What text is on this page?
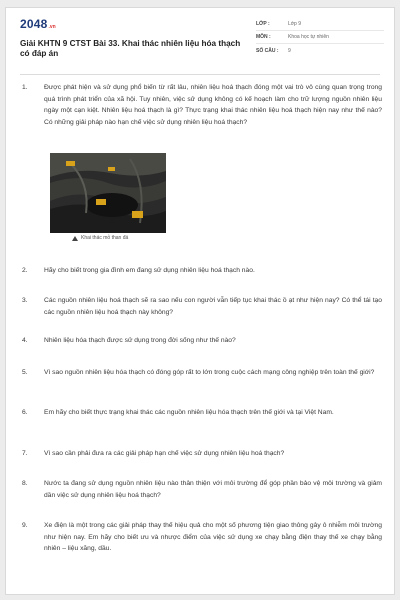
2048 .vn
Giải KHTN 9 CTST Bài 33. Khai thác nhiên liệu hóa thạch có đáp án
LỚP :	Lớp 9
MÔN :	Khoa học tự nhiên
SỐ CÂU :	9
1.	Được phát hiện và sử dụng phổ biến từ rất lâu, nhiên liệu hoá thạch đóng một vai trò vô cùng quan trọng trong quá trình phát triển của xã hội. Tuy nhiên, việc sử dụng không có kế hoạch làm cho trữ lượng nguồn nhiên liệu ngày một cạn kiệt. Nhiên liệu hoá thạch là gì? Thực trạng khai thác nhiên liệu hoá thạch hiện nay như thế nào? Có những giải pháp nào hạn chế việc sử dụng nhiên liệu hoá thạch?
Khai thác mỏ than đá
2.	Hãy cho biết trong gia đình em đang sử dụng nhiên liệu hoá thạch nào.
3.	Các nguồn nhiên liệu hoá thạch sẽ ra sao nếu con người vẫn tiếp tục khai thác ồ ạt như hiện nay? Có thể tái tạo các nguồn nhiên liệu hoá thạch này không?
4.	Nhiên liệu hóa thạch được sử dụng trong đời sống như thế nào?
5.	Vì sao nguồn nhiên liệu hóa thạch có đóng góp rất to lớn trong cuộc cách mạng công nghiệp trên toàn thế giới?
6.	Em hãy cho biết thực trạng khai thác các nguồn nhiên liệu hóa thạch trên thế giới và tại Việt Nam.
7.	Vì sao cần phải đưa ra các giải pháp hạn chế việc sử dụng nhiên liệu hoá thạch?
8.	Nước ta đang sử dụng nguồn nhiên liệu nào thân thiện với môi trường để góp phần bảo vệ môi trường và giảm dần việc sử dụng nhiên liệu hoá thạch?
9.	Xe điện là một trong các giải pháp thay thế hiệu quả cho một số phương tiện giao thông gây ô nhiễm môi trường như hiện nay. Em hãy cho biết ưu và nhược điểm của việc sử dụng xe chạy bằng điện thay thế xe chạy bằng nhiên – liệu xăng, dầu.
